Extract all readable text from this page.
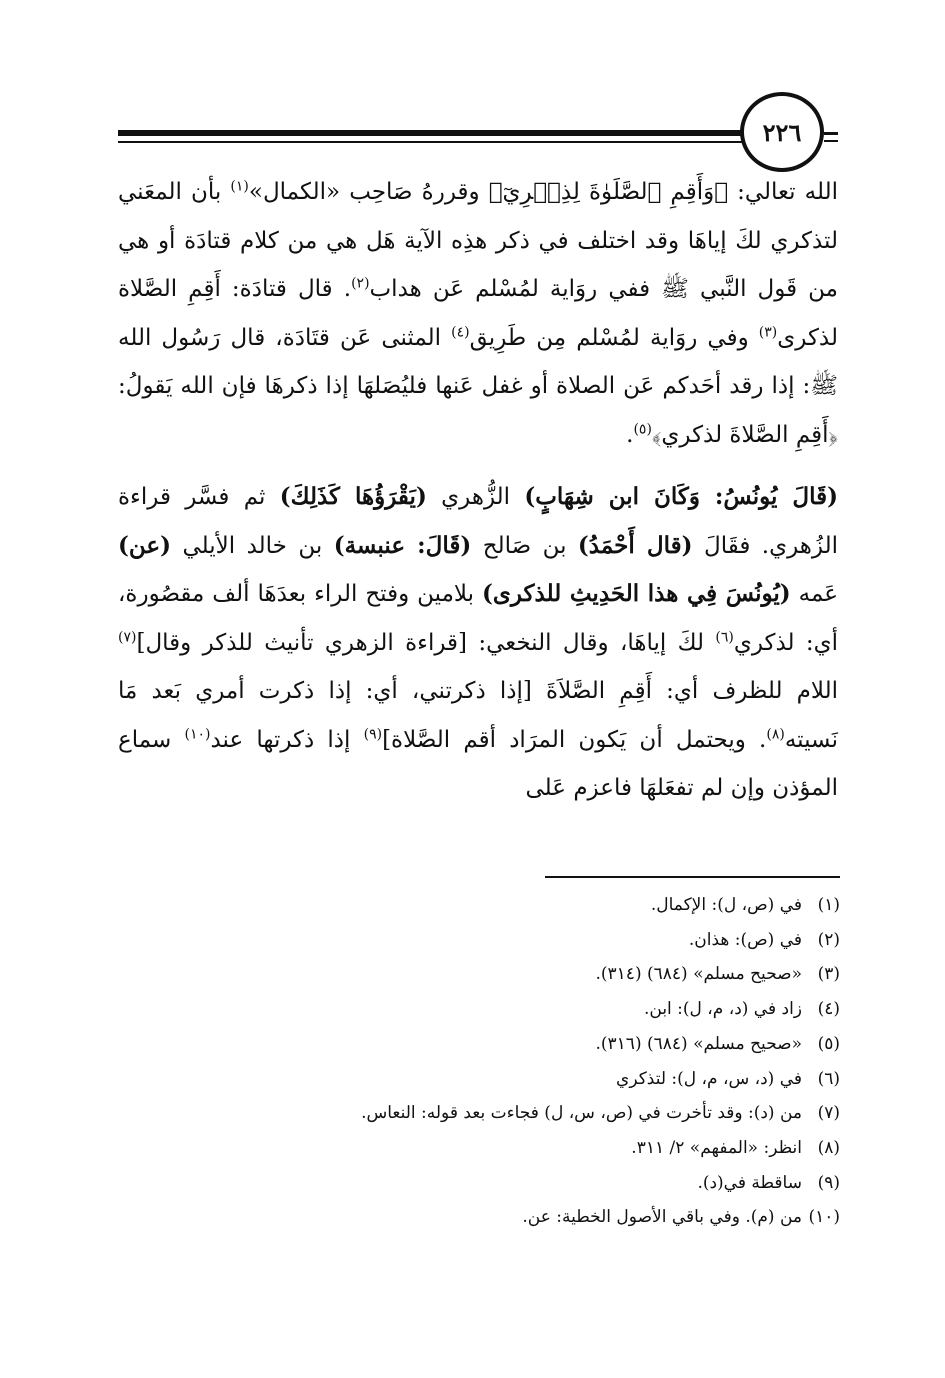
٢٢٦

الله تعالي: ﴿وَأَقِمِ ٱلصَّلَوٰةَ لِذِكۡرِيٓ﴾ وقررهُ صَاحِب «الكمال»$^{(١)}$ بأن المعَني لتذكري لكَ إياهَا وقد اختلف في ذكر هذِه الآية هَل هي من كلام قتادَة أو هي من قَول النَّبي ﷺ ففي روَاية لمُسْلم عَن هداب$^{(٢)}$. قال قتادَة: أَقِمِ الصَّلاة لذكرى$^{(٣)}$ وفي روَاية لمُسْلم مِن طَرِيق$^{(٤)}$ المثنى عَن قتَادَة، قال رَسُول الله ﷺ: إذا رقد أحَدكم عَن الصلاة أو غفل عَنها فليُصَلهَا إذا ذكرهَا فإن الله يَقولُ: ﴿أَقِمِ الصَّلاةَ لذكري﴾$^{(٥)}$.

(قَالَ يُونُسُ: وَكَانَ ابن شِهَابٍ) الزُّهري (يَقْرَؤُهَا كَذَلِكَ) ثم فسَّر قراءة الزُهري. فقَالَ (قال أَحْمَدُ) بن صَالح (قَالَ: عنبسة) بن خالد الأيلي (عن) عَمه (يُونُسَ فِي هذا الحَدِيثِ للذكرى) بلامين وفتح الراء بعدَهَا ألف مقصُورة، أي: لذكري$^{(٦)}$ لكَ إياهَا، وقال النخعي: [قراءة الزهري تأنيث للذكر وقال]$^{(٧)}$ اللام للظرف أي: أَقِمِ الصَّلاَةَ [إذا ذكرتني، أي: إذا ذكرت أمري بَعد مَا نَسيته$^{(٨)}$. ويحتمل أن يَكون المرَاد أقم الصَّلاة]$^{(٩)}$ إذا ذكرتها عند$^{(١٠)}$ سماع المؤذن وإن لم تفعَلهَا فاعزم عَلى

(١)
في (ص، ل): الإكمال.
(٢)
في (ص): هذان.
(٣)
«صحيح مسلم» (٦٨٤) (٣١٤).
(٤)
زاد في (د، م، ل): ابن.
(٥)
«صحيح مسلم» (٦٨٤) (٣١٦).
(٦)
في (د، س، م، ل): لتذكري
(٧)
من (د): وقد تأخرت في (ص، س، ل) فجاءت بعد قوله: النعاس.
(٨)
انظر: «المفهم» ٢/ ٣١١.
(٩)
ساقطة في(د).
(١٠)
من (م). وفي باقي الأصول الخطية: عن.
